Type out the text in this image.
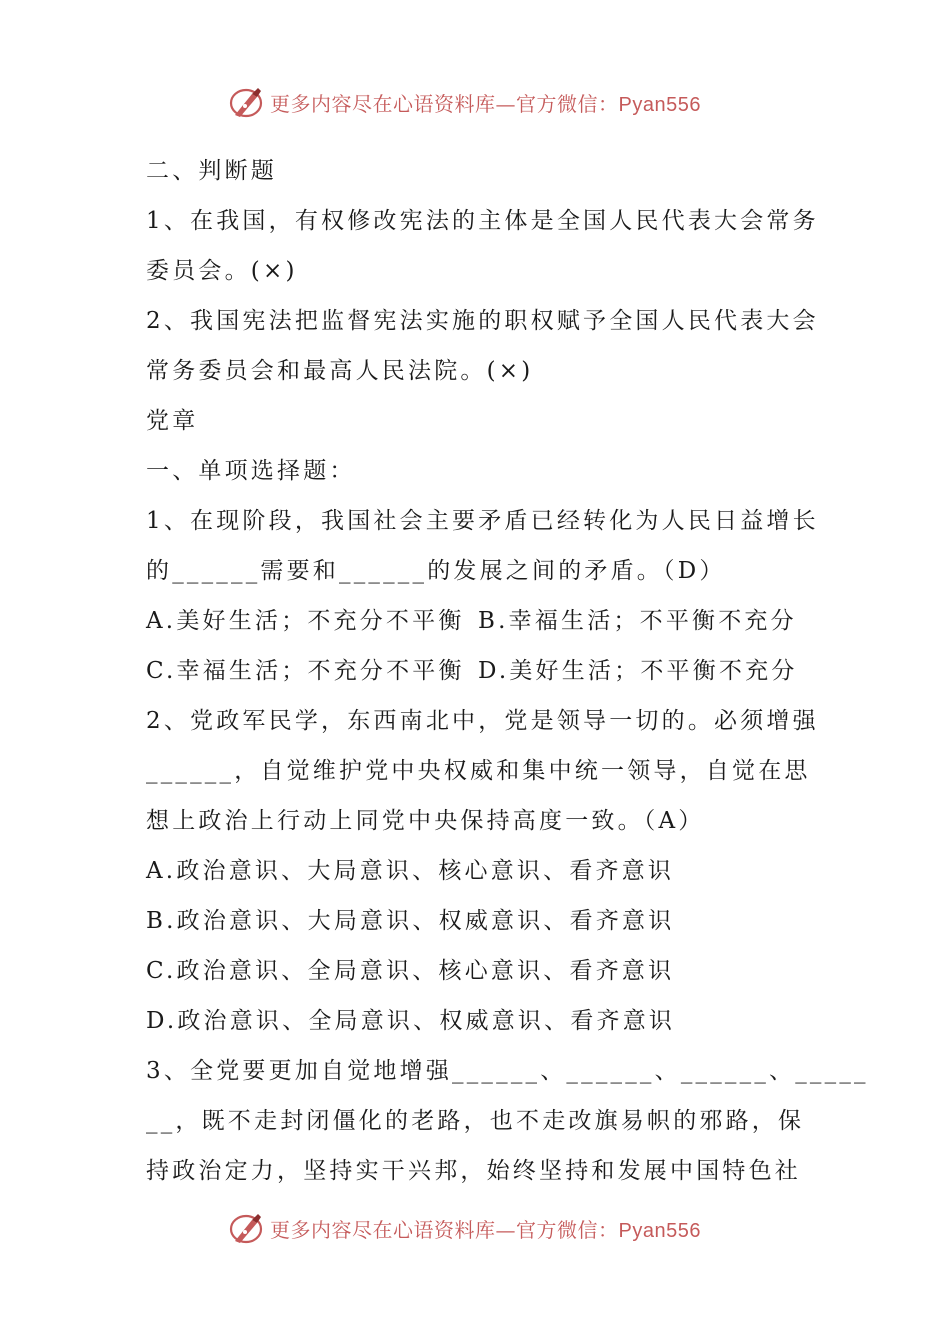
更多内容尽在心语资料库—官方微信：Pyan556
二、判断题
1、在我国，有权修改宪法的主体是全国人民代表大会常务
委员会。(×)
2、我国宪法把监督宪法实施的职权赋予全国人民代表大会
常务委员会和最高人民法院。(×)
党章
一、单项选择题：
1、在现阶段，我国社会主要矛盾已经转化为人民日益增长
的______需要和______的发展之间的矛盾。（D）
A.美好生活；不充分不平衡 B.幸福生活；不平衡不充分
C.幸福生活；不充分不平衡 D.美好生活；不平衡不充分
2、党政军民学，东西南北中，党是领导一切的。必须增强
______，自觉维护党中央权威和集中统一领导，自觉在思
想上政治上行动上同党中央保持高度一致。（A）
A.政治意识、大局意识、核心意识、看齐意识
B.政治意识、大局意识、权威意识、看齐意识
C.政治意识、全局意识、核心意识、看齐意识
D.政治意识、全局意识、权威意识、看齐意识
3、全党要更加自觉地增强______、______、______、_____
__，既不走封闭僵化的老路，也不走改旗易帜的邪路，保
持政治定力，坚持实干兴邦，始终坚持和发展中国特色社
更多内容尽在心语资料库—官方微信：Pyan556
